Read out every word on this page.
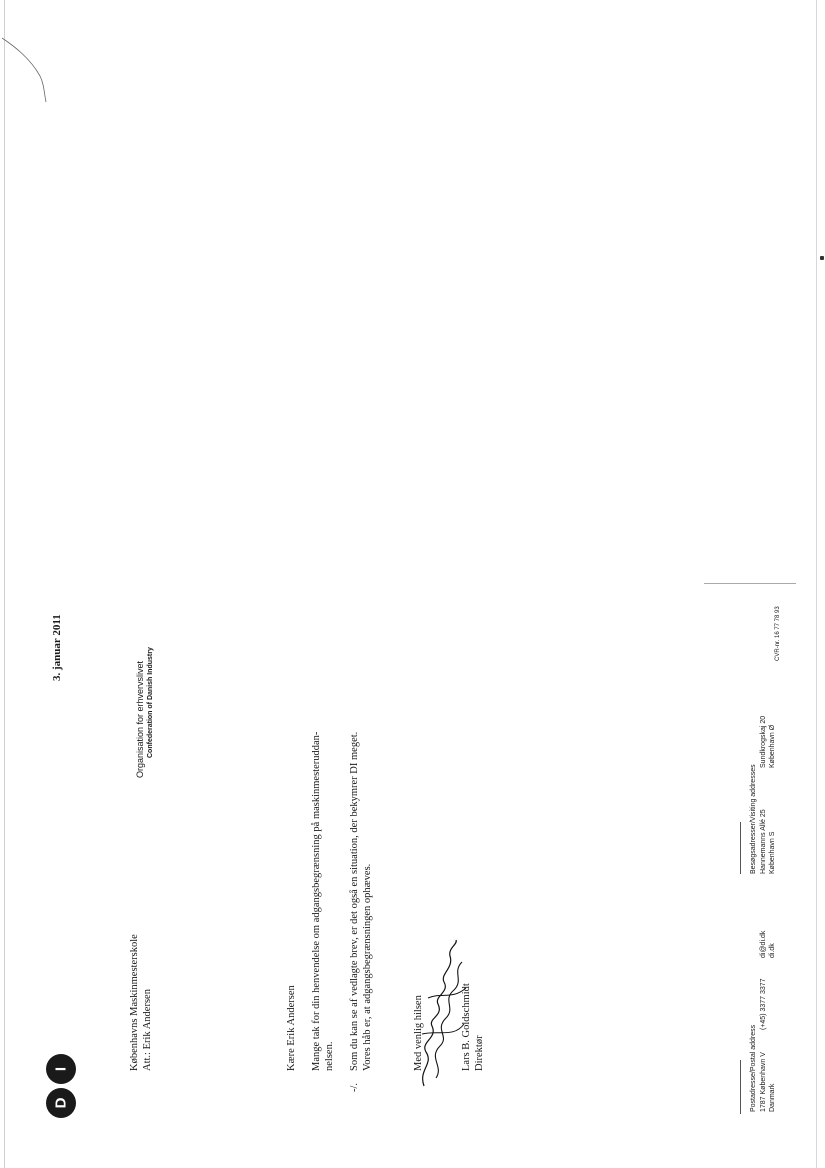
D
I
3. januar 2011
Københavns Maskinmesterskole Att.: Erik Andersen
Organisation for erhvervslivet Confederation of Danish Industry
Kære Erik Andersen Mange tak for din henvendelse om adgangsbegrænsning på maskinmesteruddan- nelsen.
-/.
Som du kan se af vedlagte brev, er det også en situation, der bekymrer DI meget. Vores håb er, at adgangsbegrænsningen ophæves.	Med venlig hilsen	Lars B. Goldschmidt Direktør	Postadresse/Postal address 1787 København V Danmark
(+45) 3377 3377
di@di.dk di.dk
Besøgsadresser/Visiting addresses Hannemanns Allé 25 København S
Sundkrogskaj 20 København Ø
CVR-nr. 16 77 78 93
